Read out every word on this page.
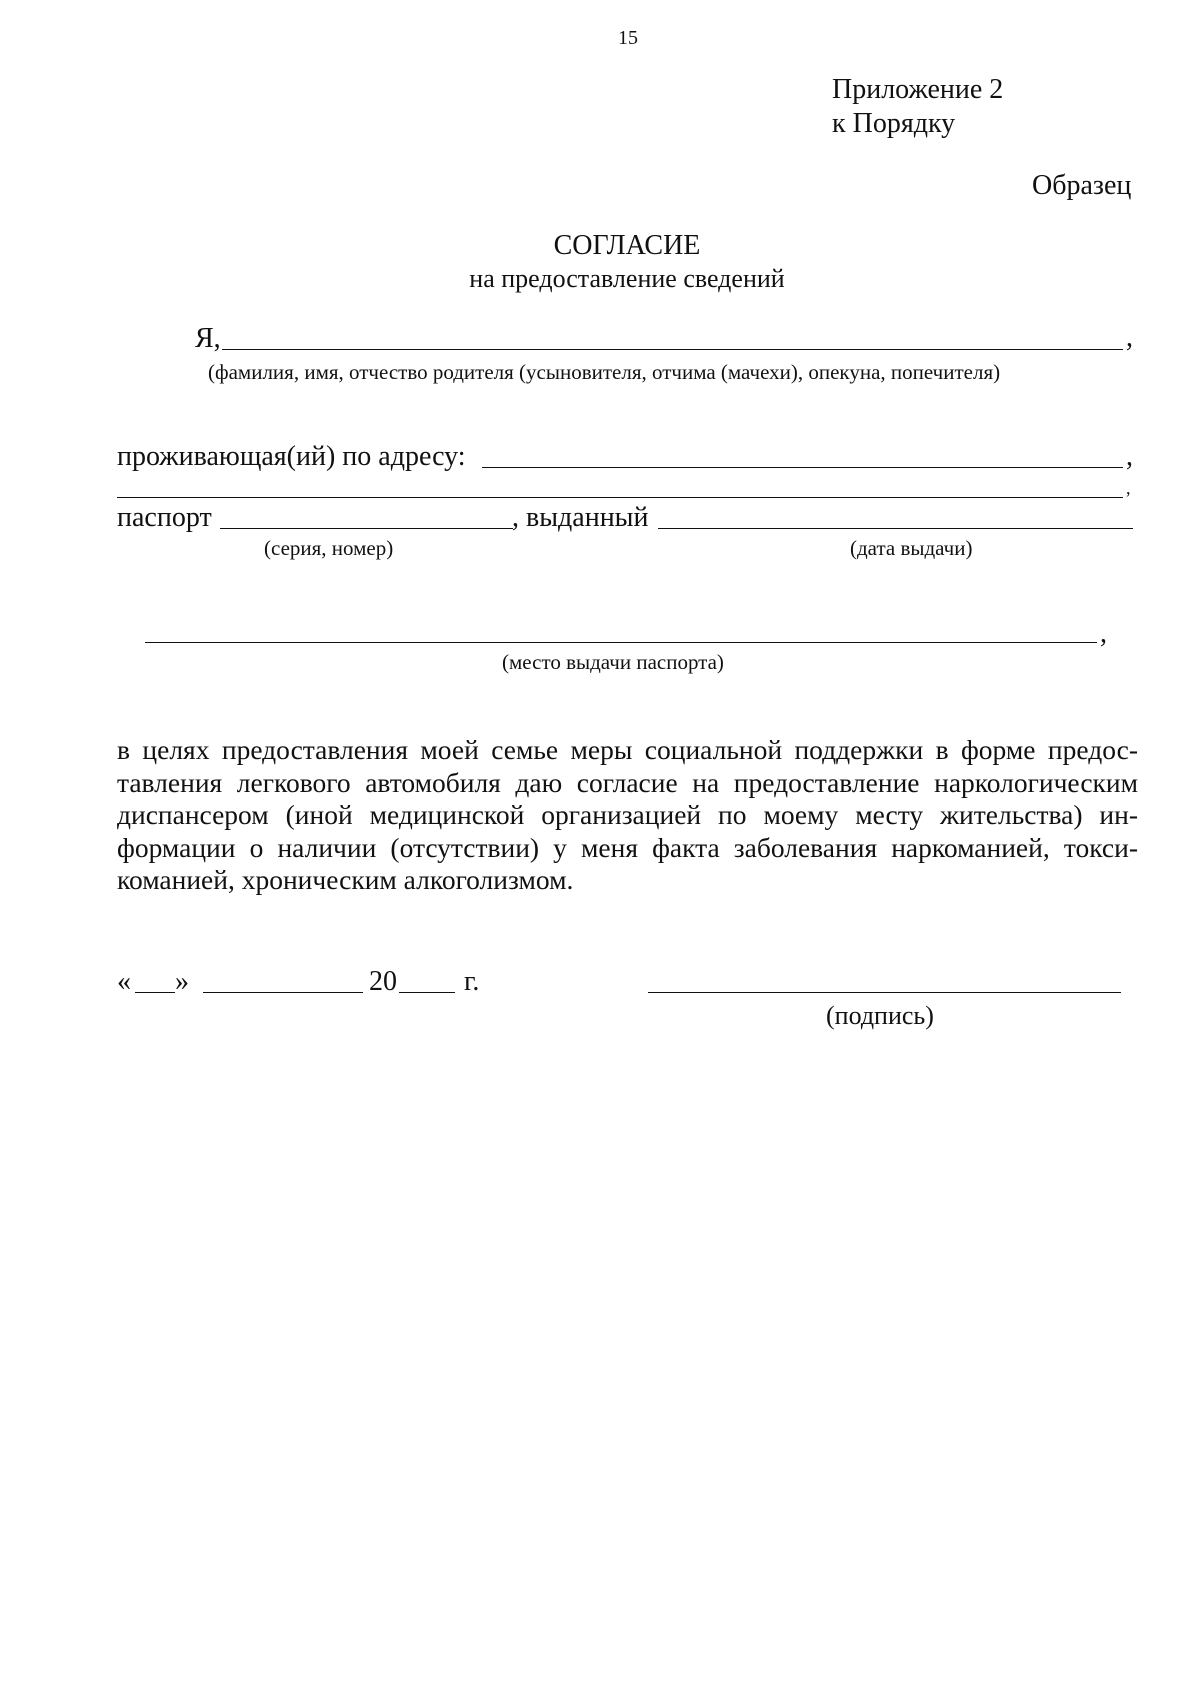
15
Приложение 2
к Порядку
Образец
СОГЛАСИЕ
на предоставление сведений
Я,	,
(фамилия, имя, отчество родителя (усыновителя, отчима (мачехи), опекуна, попечителя)
проживающая(ий) по адресу:	,
,
паспорт	, выданный
(серия, номер)	(дата выдачи)
,
(место выдачи паспорта)
в целях предоставления моей семье меры социальной поддержки в форме предос-
тавления легкового автомобиля даю согласие на предоставление наркологическим
диспансером (иной медицинской организацией по моему месту жительства) ин-
формации о наличии (отсутствии) у меня факта заболевания наркоманией, токси-
команией, хроническим алкоголизмом.
« »	20 г.
(подпись)
